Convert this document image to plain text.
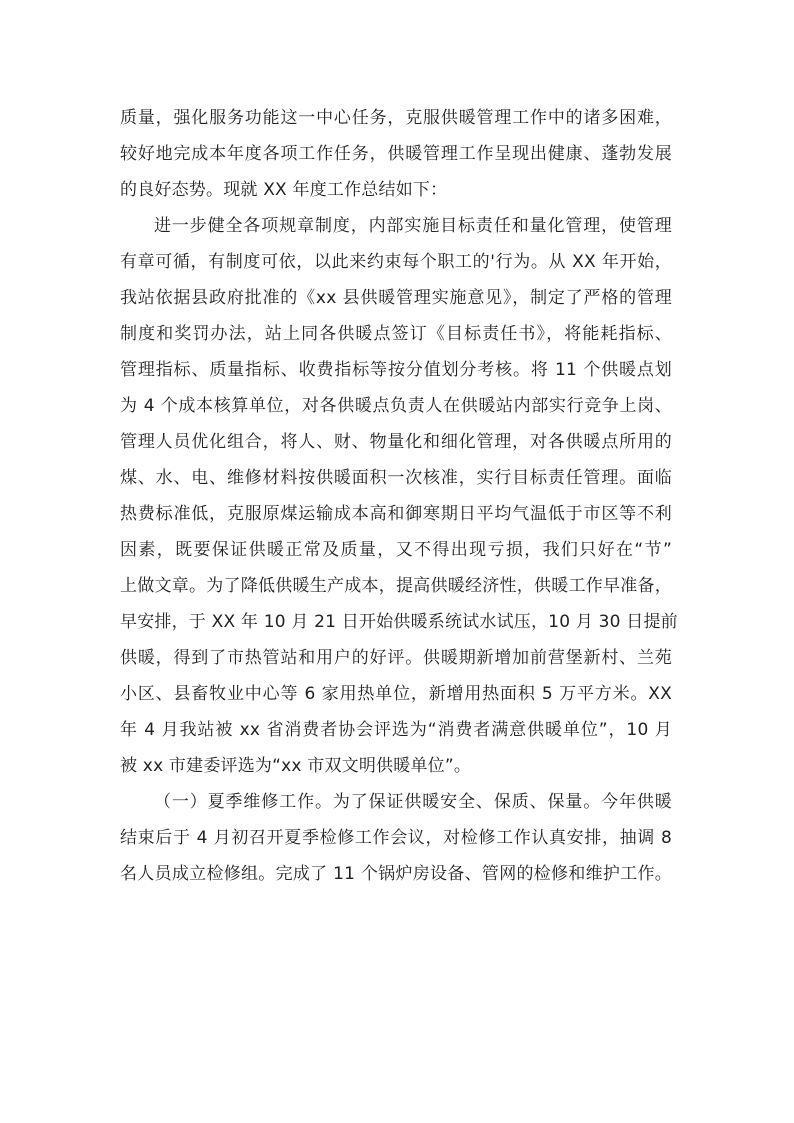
质量，强化服务功能这一中心任务，克服供暖管理工作中的诸多困难，
较好地完成本年度各项工作任务，供暖管理工作呈现出健康、蓬勃发展
的良好态势。现就 XX 年度工作总结如下：
进一步健全各项规章制度，内部实施目标责任和量化管理，使管理
有章可循，有制度可依，以此来约束每个职工的'行为。从 XX 年开始，
我站依据县政府批准的《xx 县供暖管理实施意见》，制定了严格的管理
制度和奖罚办法，站上同各供暖点签订《目标责任书》，将能耗指标、
管理指标、质量指标、收费指标等按分值划分考核。将 11 个供暖点划
为 4 个成本核算单位，对各供暖点负责人在供暖站内部实行竞争上岗、
管理人员优化组合，将人、财、物量化和细化管理，对各供暖点所用的
煤、水、电、维修材料按供暖面积一次核准，实行目标责任管理。面临
热费标准低，克服原煤运输成本高和御寒期日平均气温低于市区等不利
因素，既要保证供暖正常及质量，又不得出现亏损，我们只好在“节”
上做文章。为了降低供暖生产成本，提高供暖经济性，供暖工作早准备，
早安排，于 XX 年 10 月 21 日开始供暖系统试水试压，10 月 30 日提前
供暖，得到了市热管站和用户的好评。供暖期新增加前营堡新村、兰苑
小区、县畜牧业中心等 6 家用热单位，新增用热面积 5 万平方米。XX
年 4 月我站被 xx 省消费者协会评选为“消费者满意供暖单位”，10 月
被 xx 市建委评选为“xx 市双文明供暖单位”。
（一）夏季维修工作。为了保证供暖安全、保质、保量。今年供暖
结束后于 4 月初召开夏季检修工作会议，对检修工作认真安排，抽调 8
名人员成立检修组。完成了 11 个锅炉房设备、管网的检修和维护工作。
